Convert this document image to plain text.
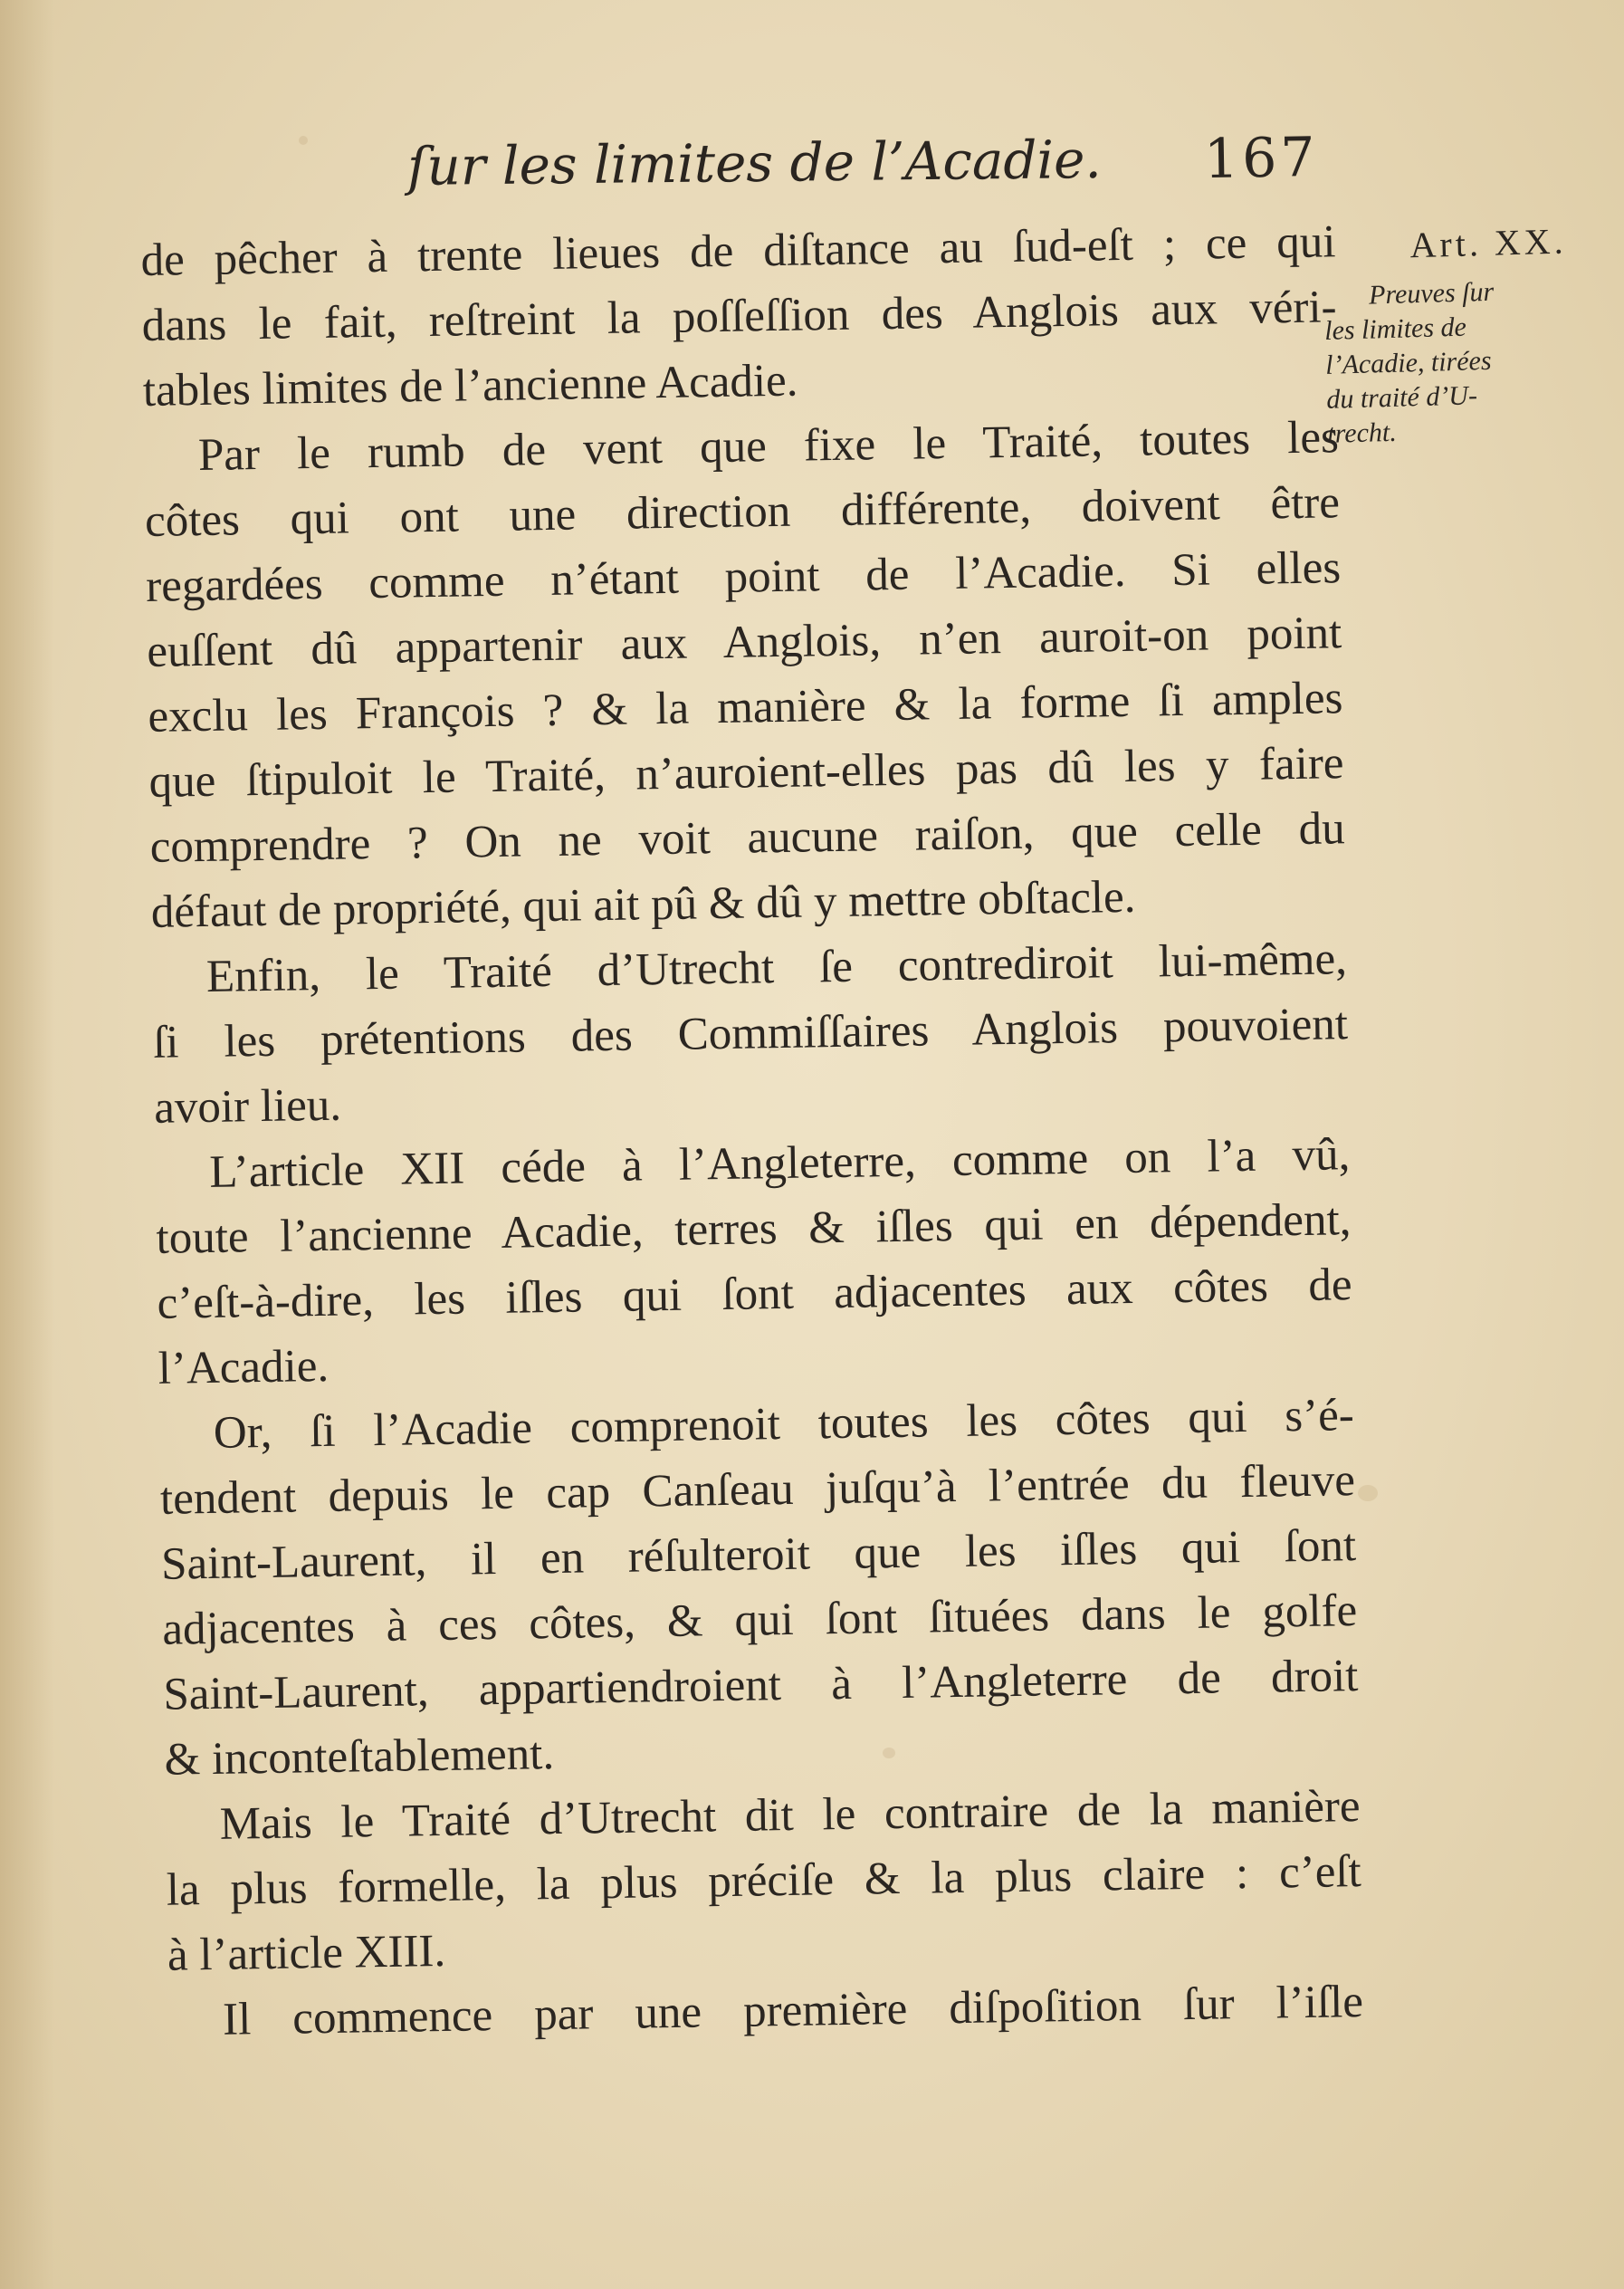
ſur les limites de l’Acadie. 167
Art. XX.
Preuves ſur
les limites de
l’Acadie, tirées
du traité d’U-
trecht.

de pêcher à trente lieues de diſtance au ſud-eſt ; ce qui
dans le fait, reſtreint la poſſeſſion des Anglois aux véri-
tables limites de l’ancienne Acadie.

Par le rumb de vent que fixe le Traité, toutes les
côtes qui ont une direction différente, doivent être
regardées comme n’étant point de l’Acadie. Si elles
euſſent dû appartenir aux Anglois, n’en auroit-on point
exclu les François ? & la manière & la forme ſi amples
que ſtipuloit le Traité, n’auroient-elles pas dû les y faire
comprendre ? On ne voit aucune raiſon, que celle du
défaut de propriété, qui ait pû & dû y mettre obſtacle.

Enfin, le Traité d’Utrecht ſe contrediroit lui-même,
ſi les prétentions des Commiſſaires Anglois pouvoient
avoir lieu.

L’article XII céde à l’Angleterre, comme on l’a vû,
toute l’ancienne Acadie, terres & iſles qui en dépendent,
c’eſt-à-dire, les iſles qui ſont adjacentes aux côtes de
l’Acadie.

Or, ſi l’Acadie comprenoit toutes les côtes qui s’é-
tendent depuis le cap Canſeau juſqu’à l’entrée du fleuve
Saint-Laurent, il en réſulteroit que les iſles qui ſont
adjacentes à ces côtes, & qui ſont ſituées dans le golfe
Saint-Laurent, appartiendroient à l’Angleterre de droit
& inconteſtablement.

Mais le Traité d’Utrecht dit le contraire de la manière
la plus formelle, la plus préciſe & la plus claire : c’eſt
à l’article XIII.

Il commence par une première diſpoſition ſur l’iſle
